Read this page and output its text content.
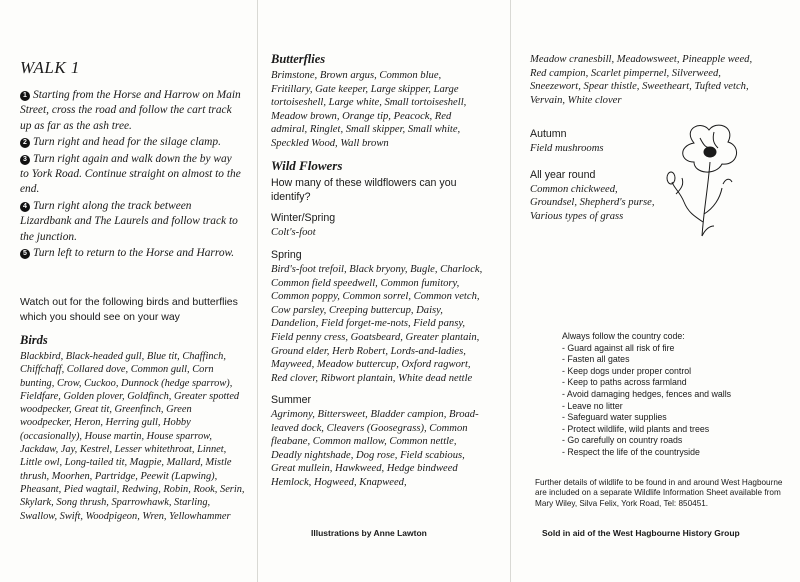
WALK 1
1 Starting from the Horse and Harrow on Main Street, cross the road and follow the cart track up as far as the ash tree.
2 Turn right and head for the silage clamp.
3 Turn right again and walk down the by way to York Road. Continue straight on almost to the end.
4 Turn right along the track between Lizardbank and The Laurels and follow track to the junction.
5 Turn left to return to the Horse and Harrow.

Watch out for the following birds and butterflies which you should see on your way

Birds

Blackbird, Black-headed gull, Blue tit, Chaffinch, Chiffchaff, Collared dove, Common gull, Corn bunting, Crow, Cuckoo, Dunnock (hedge sparrow), Fieldfare, Golden plover, Goldfinch, Greater spotted woodpecker, Great tit, Greenfinch, Green woodpecker, Heron, Herring gull, Hobby (occasionally), House martin, House sparrow, Jackdaw, Jay, Kestrel, Lesser whitethroat, Linnet, Little owl, Long-tailed tit, Magpie, Mallard, Mistle thrush, Moorhen, Partridge, Peewit (Lapwing), Pheasant, Pied wagtail, Redwing, Robin, Rook, Serin, Skylark, Song thrush, Sparrowhawk, Starling, Swallow, Swift, Woodpigeon, Wren, Yellowhammer

Butterflies

Brimstone, Brown argus, Common blue, Fritillary, Gate keeper, Large skipper, Large tortoiseshell, Large white, Small tortoiseshell, Meadow brown, Orange tip, Peacock, Red admiral, Ringlet, Small skipper, Small white, Speckled Wood, Wall brown

Wild Flowers

How many of these wildflowers can you identify?

Winter/Spring

Colt's-foot

Spring

Bird's-foot trefoil, Black bryony, Bugle, Charlock, Common field speedwell, Common fumitory, Common poppy, Common sorrel, Common vetch, Cow parsley, Creeping buttercup, Daisy, Dandelion, Field forget-me-nots, Field pansy, Field penny cress, Goatsbeard, Greater plantain, Ground elder, Herb Robert, Lords-and-ladies, Mayweed, Meadow buttercup, Oxford ragwort, Red clover, Ribwort plantain, White dead nettle

Summer

Agrimony, Bittersweet, Bladder campion, Broad-leaved dock, Cleavers (Goosegrass), Common fleabane, Common mallow, Common nettle, Deadly nightshade, Dog rose, Field scabious, Great mullein, Hawkweed, Hedge bindweed Hemlock, Hogweed, Knapweed,

Illustrations by Anne Lawton

Meadow cranesbill, Meadowsweet, Pineapple weed, Red campion, Scarlet pimpernel, Silverweed, Sneezewort, Spear thistle, Sweetheart, Tufted vetch, Vervain, White clover

Autumn

Field mushrooms

All year round

Common chickweed, Groundsel, Shepherd's purse, Various types of grass

Always follow the country code:

- Guard against all risk of fire
- Fasten all gates
- Keep dogs under proper control
- Keep to paths across farmland
- Avoid damaging hedges, fences and walls
- Leave no litter
- Safeguard water supplies
- Protect wildlife, wild plants and trees
- Go carefully on country roads
- Respect the life of the countryside

Further details of wildlife to be found in and around West Hagbourne are included on a separate Wildlife Information Sheet available from Mary Wiley, Silva Felix, York Road, Tel: 850451.

Sold in aid of the West Hagbourne History Group
